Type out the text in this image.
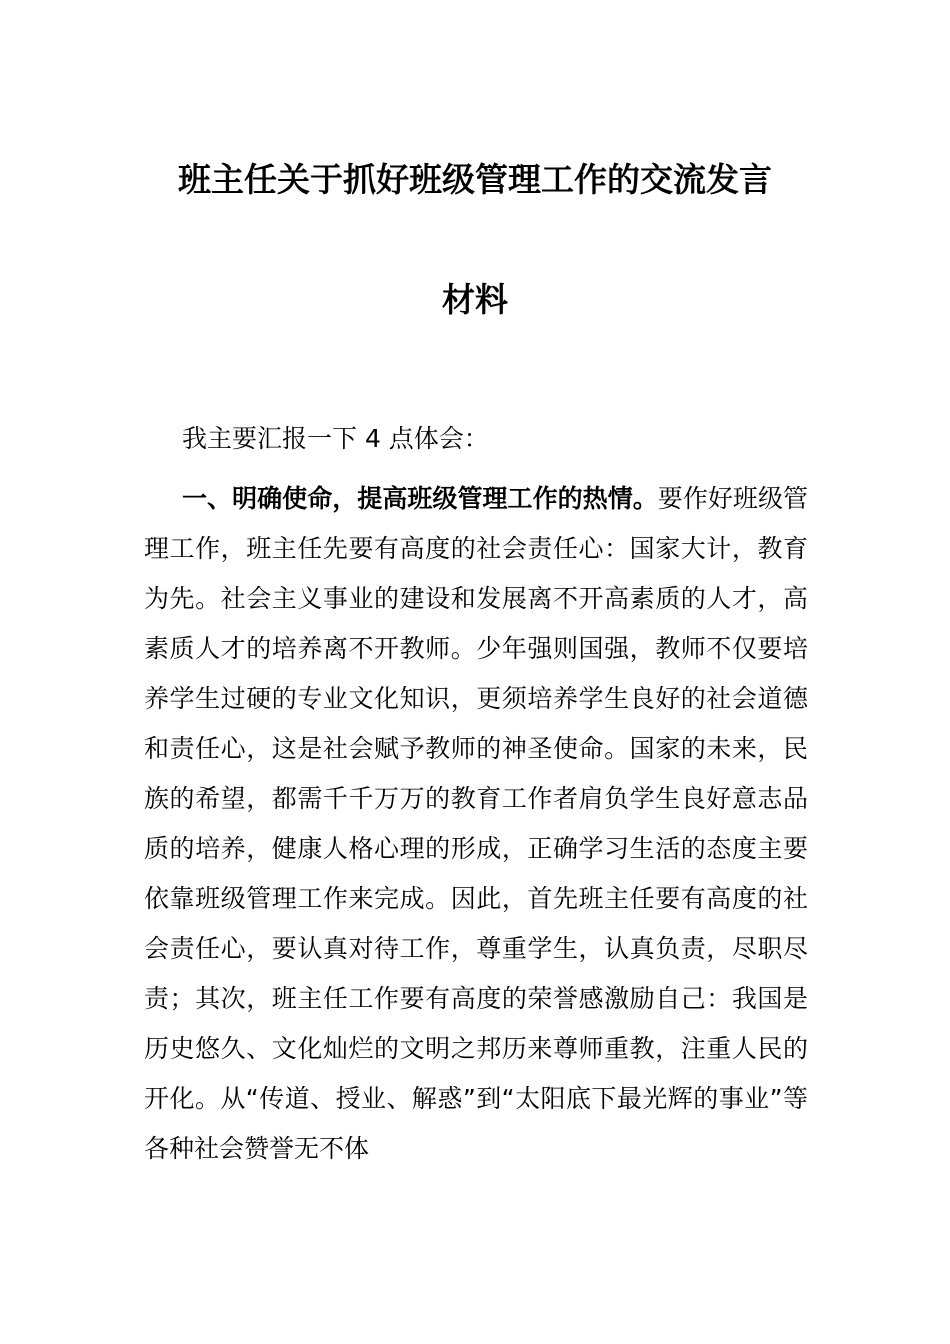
班主任关于抓好班级管理工作的交流发言
材料
我主要汇报一下 4 点体会：
一、明确使命，提高班级管理工作的热情。要作好班级管理工作，班主任先要有高度的社会责任心：国家大计，教育为先。社会主义事业的建设和发展离不开高素质的人才，高素质人才的培养离不开教师。少年强则国强，教师不仅要培养学生过硬的专业文化知识，更须培养学生良好的社会道德和责任心，这是社会赋予教师的神圣使命。国家的未来，民族的希望，都需千千万万的教育工作者肩负学生良好意志品质的培养，健康人格心理的形成，正确学习生活的态度主要依靠班级管理工作来完成。因此，首先班主任要有高度的社会责任心，要认真对待工作，尊重学生，认真负责，尽职尽责；其次，班主任工作要有高度的荣誉感激励自己：我国是历史悠久、文化灿烂的文明之邦历来尊师重教，注重人民的开化。从“传道、授业、解惑”到“太阳底下最光辉的事业”等各种社会赞誉无不体
